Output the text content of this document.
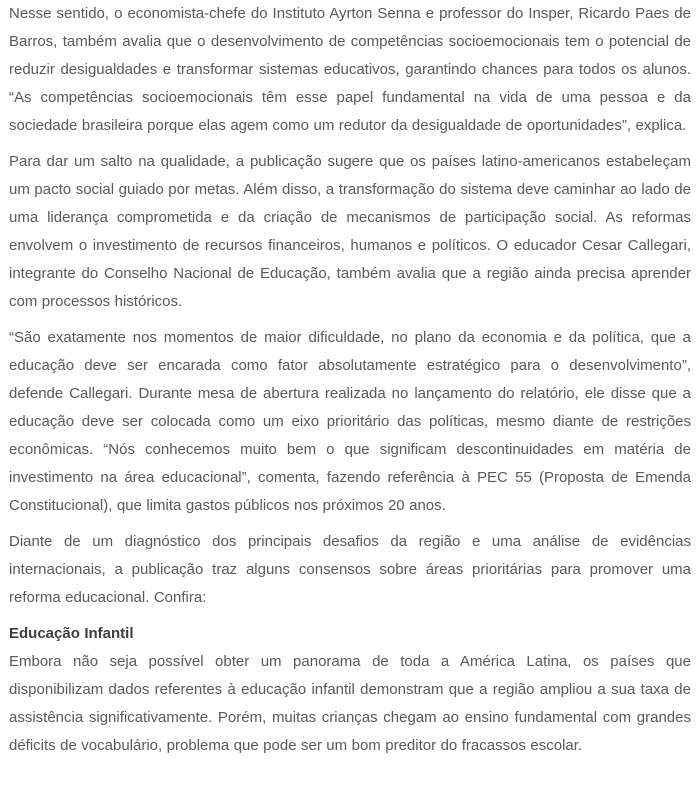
Nesse sentido, o economista-chefe do Instituto Ayrton Senna e professor do Insper, Ricardo Paes de Barros, também avalia que o desenvolvimento de competências socioemocionais tem o potencial de reduzir desigualdades e transformar sistemas educativos, garantindo chances para todos os alunos. “As competências socioemocionais têm esse papel fundamental na vida de uma pessoa e da sociedade brasileira porque elas agem como um redutor da desigualdade de oportunidades”, explica.

Para dar um salto na qualidade, a publicação sugere que os países latino-americanos estabeleçam um pacto social guiado por metas. Além disso, a transformação do sistema deve caminhar ao lado de uma liderança comprometida e da criação de mecanismos de participação social. As reformas envolvem o investimento de recursos financeiros, humanos e políticos. O educador Cesar Callegari, integrante do Conselho Nacional de Educação, também avalia que a região ainda precisa aprender com processos históricos.

“São exatamente nos momentos de maior dificuldade, no plano da economia e da política, que a educação deve ser encarada como fator absolutamente estratégico para o desenvolvimento”, defende Callegari. Durante mesa de abertura realizada no lançamento do relatório, ele disse que a educação deve ser colocada como um eixo prioritário das políticas, mesmo diante de restrições econômicas. “Nós conhecemos muito bem o que significam descontinuidades em matéria de investimento na área educacional”, comenta, fazendo referência à PEC 55 (Proposta de Emenda Constitucional), que limita gastos públicos nos próximos 20 anos.

Diante de um diagnóstico dos principais desafios da região e uma análise de evidências internacionais, a publicação traz alguns consensos sobre áreas prioritárias para promover uma reforma educacional. Confira:

Educação Infantil
Embora não seja possível obter um panorama de toda a América Latina, os países que disponibilizam dados referentes à educação infantil demonstram que a região ampliou a sua taxa de assistência significativamente. Porém, muitas crianças chegam ao ensino fundamental com grandes déficits de vocabulário, problema que pode ser um bom preditor do fracassos escolar.
